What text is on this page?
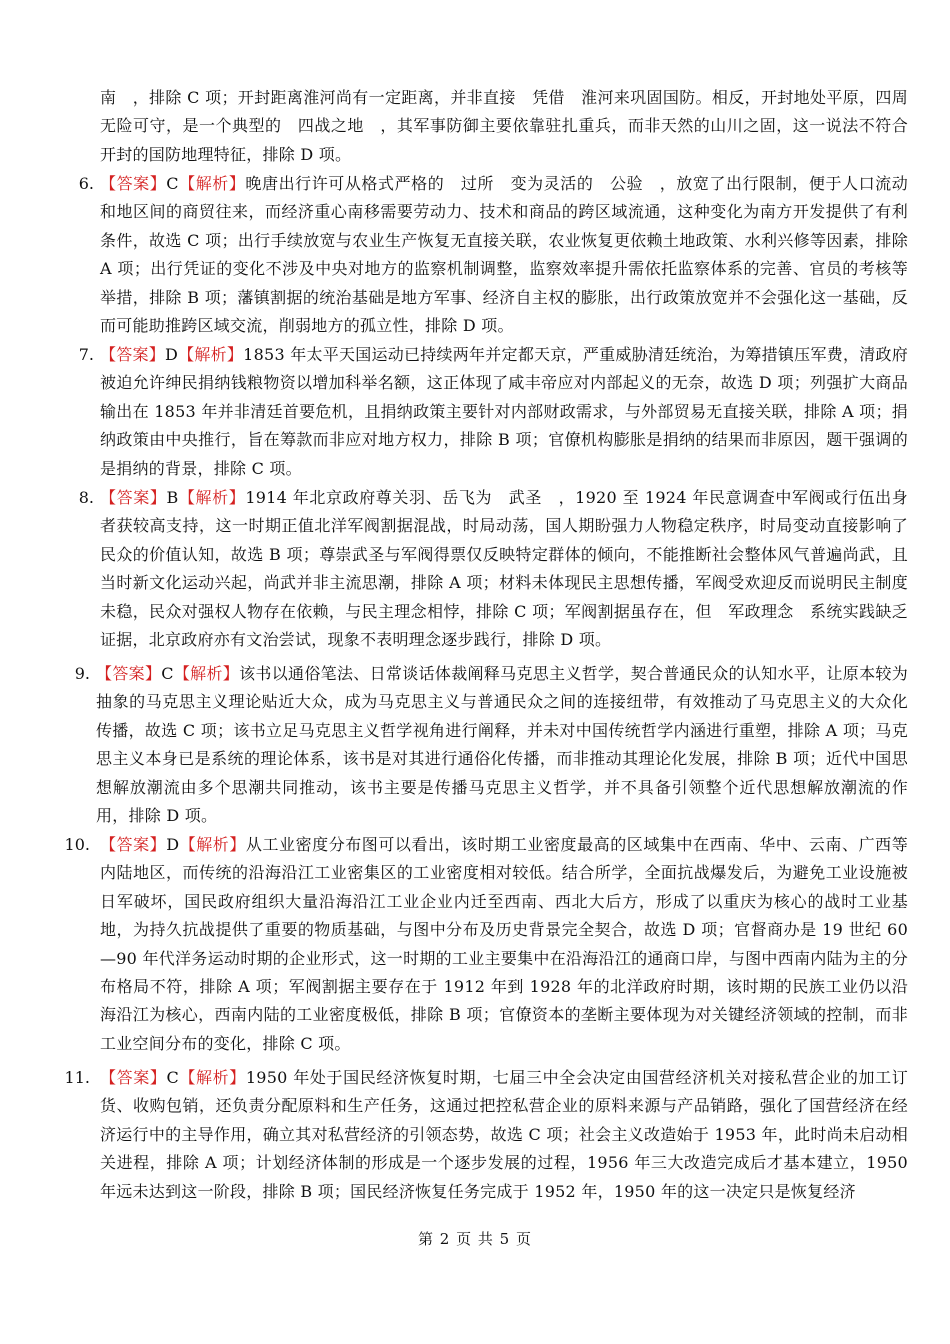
南　，排除 C 项；开封距离淮河尚有一定距离，并非直接　凭借　淮河来巩固国防。相反，开封地处平原，四周无险可守，是一个典型的　四战之地　，其军事防御主要依靠驻扎重兵，而非天然的山川之固，这一说法不符合开封的国防地理特征，排除 D 项。
6. 【答案】C【解析】晚唐出行许可从格式严格的　过所　变为灵活的　公验　，放宽了出行限制，便于人口流动和地区间的商贸往来，而经济重心南移需要劳动力、技术和商品的跨区域流通，这种变化为南方开发提供了有利条件，故选 C 项；出行手续放宽与农业生产恢复无直接关联，农业恢复更依赖土地政策、水利兴修等因素，排除 A 项；出行凭证的变化不涉及中央对地方的监察机制调整，监察效率提升需依托监察体系的完善、官员的考核等举措，排除 B 项；藩镇割据的统治基础是地方军事、经济自主权的膨胀，出行政策放宽并不会强化这一基础，反而可能助推跨区域交流，削弱地方的孤立性，排除 D 项。
7. 【答案】D【解析】1853 年太平天国运动已持续两年并定都天京，严重威胁清廷统治，为筹措镇压军费，清政府被迫允许绅民捐纳钱粮物资以增加科举名额，这正体现了咸丰帝应对内部起义的无奈，故选 D 项；列强扩大商品输出在 1853 年并非清廷首要危机，且捐纳政策主要针对内部财政需求，与外部贸易无直接关联，排除 A 项；捐纳政策由中央推行，旨在筹款而非应对地方权力，排除 B 项；官僚机构膨胀是捐纳的结果而非原因，题干强调的是捐纳的背景，排除 C 项。
8. 【答案】B【解析】1914 年北京政府尊关羽、岳飞为　武圣　，1920 至 1924 年民意调查中军阀或行伍出身者获较高支持，这一时期正值北洋军阀割据混战，时局动荡，国人期盼强力人物稳定秩序，时局变动直接影响了民众的价值认知，故选 B 项；尊崇武圣与军阀得票仅反映特定群体的倾向，不能推断社会整体风气普遍尚武，且当时新文化运动兴起，尚武并非主流思潮，排除 A 项；材料未体现民主思想传播，军阀受欢迎反而说明民主制度未稳，民众对强权人物存在依赖，与民主理念相悖，排除 C 项；军阀割据虽存在，但　军政理念　系统实践缺乏证据，北京政府亦有文治尝试，现象不表明理念逐步践行，排除 D 项。
9. 【答案】C【解析】该书以通俗笔法、日常谈话体裁阐释马克思主义哲学，契合普通民众的认知水平，让原本较为抽象的马克思主义理论贴近大众，成为马克思主义与普通民众之间的连接纽带，有效推动了马克思主义的大众化传播，故选 C 项；该书立足马克思主义哲学视角进行阐释，并未对中国传统哲学内涵进行重塑，排除 A 项；马克思主义本身已是系统的理论体系，该书是对其进行通俗化传播，而非推动其理论化发展，排除 B 项；近代中国思想解放潮流由多个思潮共同推动，该书主要是传播马克思主义哲学，并不具备引领整个近代思想解放潮流的作用，排除 D 项。
10. 【答案】D【解析】从工业密度分布图可以看出，该时期工业密度最高的区域集中在西南、华中、云南、广西等内陆地区，而传统的沿海沿江工业密集区的工业密度相对较低。结合所学，全面抗战爆发后，为避免工业设施被日军破坏，国民政府组织大量沿海沿江工业企业内迁至西南、西北大后方，形成了以重庆为核心的战时工业基地，为持久抗战提供了重要的物质基础，与图中分布及历史背景完全契合，故选 D 项；官督商办是 19 世纪 60—90 年代洋务运动时期的企业形式，这一时期的工业主要集中在沿海沿江的通商口岸，与图中西南内陆为主的分布格局不符，排除 A 项；军阀割据主要存在于 1912 年到 1928 年的北洋政府时期，该时期的民族工业仍以沿海沿江为核心，西南内陆的工业密度极低，排除 B 项；官僚资本的垄断主要体现为对关键经济领域的控制，而非工业空间分布的变化，排除 C 项。
11. 【答案】C【解析】1950 年处于国民经济恢复时期，七届三中全会决定由国营经济机关对接私营企业的加工订货、收购包销，还负责分配原料和生产任务，这通过把控私营企业的原料来源与产品销路，强化了国营经济在经济运行中的主导作用，确立其对私营经济的引领态势，故选 C 项；社会主义改造始于 1953 年，此时尚未启动相关进程，排除 A 项；计划经济体制的形成是一个逐步发展的过程，1956 年三大改造完成后才基本建立，1950 年远未达到这一阶段，排除 B 项；国民经济恢复任务完成于 1952 年，1950 年的这一决定只是恢复经济
第 2 页 共 5 页
